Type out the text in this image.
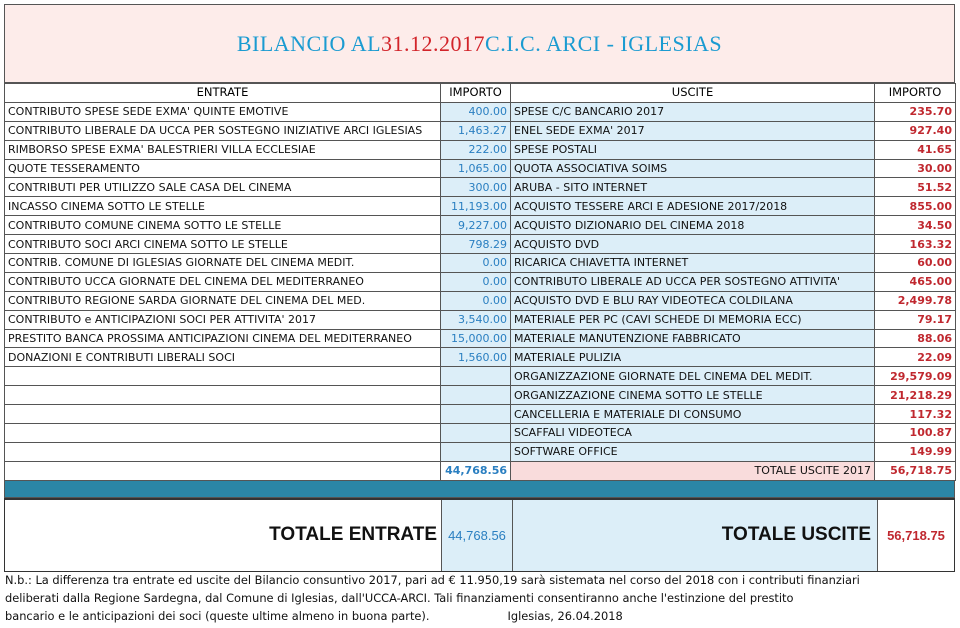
BILANCIO AL 31.12.2017 C.I.C. ARCI - IGLESIAS
ENTRATE	IMPORTO	USCITE	IMPORTO
CONTRIBUTO SPESE SEDE EXMA' QUINTE EMOTIVE	400.00	SPESE C/C BANCARIO 2017	235.70
CONTRIBUTO LIBERALE DA UCCA PER SOSTEGNO INIZIATIVE ARCI IGLESIAS	1,463.27	ENEL SEDE EXMA' 2017	927.40
RIMBORSO SPESE EXMA' BALESTRIERI VILLA ECCLESIAE	222.00	SPESE POSTALI	41.65
QUOTE TESSERAMENTO	1,065.00	QUOTA ASSOCIATIVA SOIMS	30.00
CONTRIBUTI PER UTILIZZO SALE CASA DEL CINEMA	300.00	ARUBA - SITO INTERNET	51.52
INCASSO CINEMA SOTTO LE STELLE	11,193.00	ACQUISTO TESSERE ARCI E ADESIONE 2017/2018	855.00
CONTRIBUTO COMUNE CINEMA SOTTO LE STELLE	9,227.00	ACQUISTO DIZIONARIO DEL CINEMA 2018	34.50
CONTRIBUTO SOCI ARCI CINEMA SOTTO LE STELLE	798.29	ACQUISTO DVD	163.32
CONTRIB. COMUNE DI IGLESIAS GIORNATE DEL CINEMA MEDIT.	0.00	RICARICA CHIAVETTA INTERNET	60.00
CONTRIBUTO UCCA GIORNATE DEL CINEMA DEL MEDITERRANEO	0.00	CONTRIBUTO LIBERALE AD UCCA PER SOSTEGNO ATTIVITA'	465.00
CONTRIBUTO REGIONE SARDA GIORNATE DEL CINEMA DEL MED.	0.00	ACQUISTO DVD E BLU RAY VIDEOTECA COLDILANA	2,499.78
CONTRIBUTO e ANTICIPAZIONI SOCI PER ATTIVITA' 2017	3,540.00	MATERIALE PER PC (CAVI SCHEDE DI MEMORIA ECC)	79.17
PRESTITO BANCA PROSSIMA ANTICIPAZIONI CINEMA DEL MEDITERRANEO	15,000.00	MATERIALE MANUTENZIONE FABBRICATO	88.06
DONAZIONI E CONTRIBUTI LIBERALI SOCI	1,560.00	MATERIALE PULIZIA	22.09
		ORGANIZZAZIONE GIORNATE DEL CINEMA DEL MEDIT.	29,579.09
		ORGANIZZAZIONE CINEMA SOTTO LE STELLE	21,218.29
		CANCELLERIA E MATERIALE DI CONSUMO	117.32
		SCAFFALI VIDEOTECA	100.87
		SOFTWARE OFFICE	149.99
	44,768.56	TOTALE USCITE 2017	56,718.75
TOTALE ENTRATE 44,768.56	TOTALE USCITE	56,718.75
N.b.: La differenza tra entrate ed uscite del Bilancio consuntivo 2017, pari ad € 11.950,19 sarà sistemata nel corso del 2018 con i contributi finanziari
deliberati dalla Regione Sardegna, dal Comune di Iglesias, dall'UCCA-ARCI. Tali finanziamenti consentiranno anche l'estinzione del prestito
bancario e le anticipazioni dei soci (queste ultime almeno in buona parte).	Iglesias, 26.04.2018
